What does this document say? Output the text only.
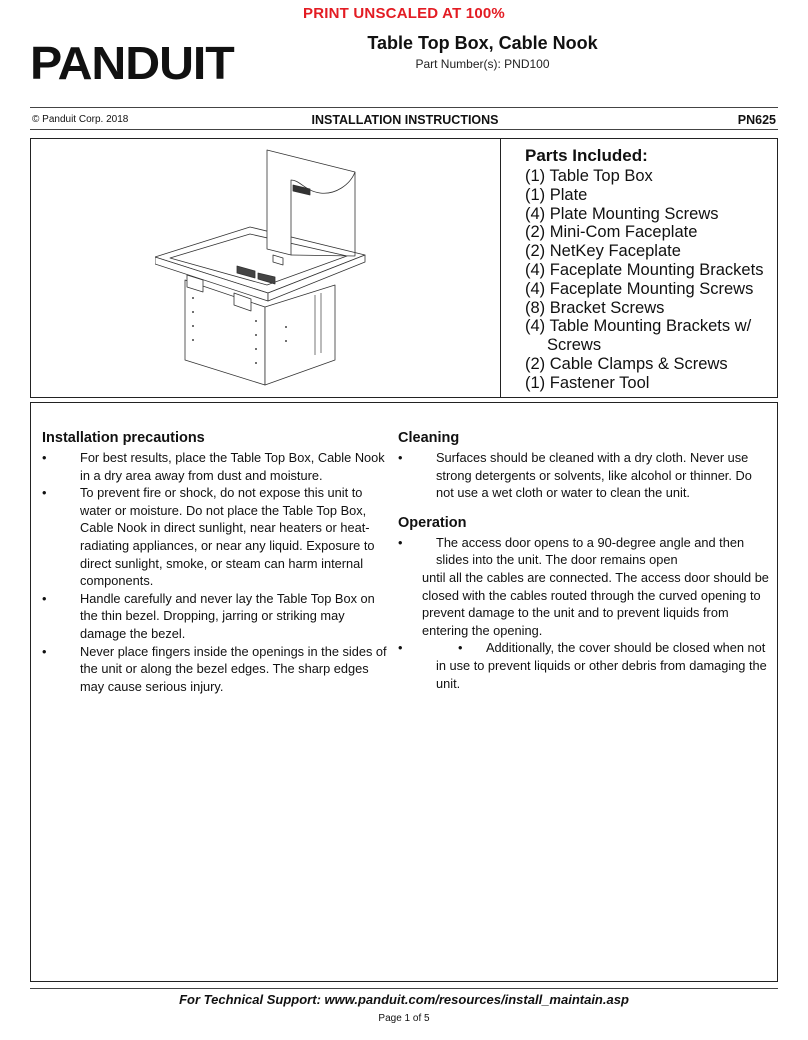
PRINT UNSCALED AT 100%
PANDUIT	Table Top Box, Cable Nook
Part Number(s): PND100
© Panduit Corp. 2018	INSTALLATION INSTRUCTIONS	PN625
Parts Included:
(1) Table Top Box
(1) Plate
(4) Plate Mounting Screws
(2) Mini-Com Faceplate
(2) NetKey Faceplate
(4) Faceplate Mounting Brackets
(4) Faceplate Mounting Screws
(8) Bracket Screws
(4) Table Mounting Brackets w/ Screws
(2) Cable Clamps & Screws
(1) Fastener Tool
Installation precautions
•	For best results, place the Table Top Box, Cable Nook in a dry area away from dust and moisture.
•	To prevent fire or shock, do not expose this unit to water or moisture. Do not place the Table Top Box, Cable Nook in direct sunlight, near heaters or heat-radiating appliances, or near any liquid. Exposure to direct sunlight, smoke, or steam can harm internal components.
•	Handle carefully and never lay the Table Top Box on the thin bezel. Dropping, jarring or striking may damage the bezel.
•	Never place fingers inside the openings in the sides of the unit or along the bezel edges. The sharp edges may cause serious injury.
Cleaning
•	Surfaces should be cleaned with a dry cloth. Never use strong detergents or solvents, like alcohol or thinner. Do not use a wet cloth or water to clean the unit.
Operation
•	The access door opens to a 90-degree angle and then slides into the unit. The door remains open
until all the cables are connected. The access door should be closed with the cables routed through the curved opening to prevent damage to the unit and to prevent liquids from entering the opening.
•	• Additionally, the cover should be closed when not in use to prevent liquids or other debris from damaging the unit.
For Technical Support: www.panduit.com/resources/install_maintain.asp
Page 1 of 5
